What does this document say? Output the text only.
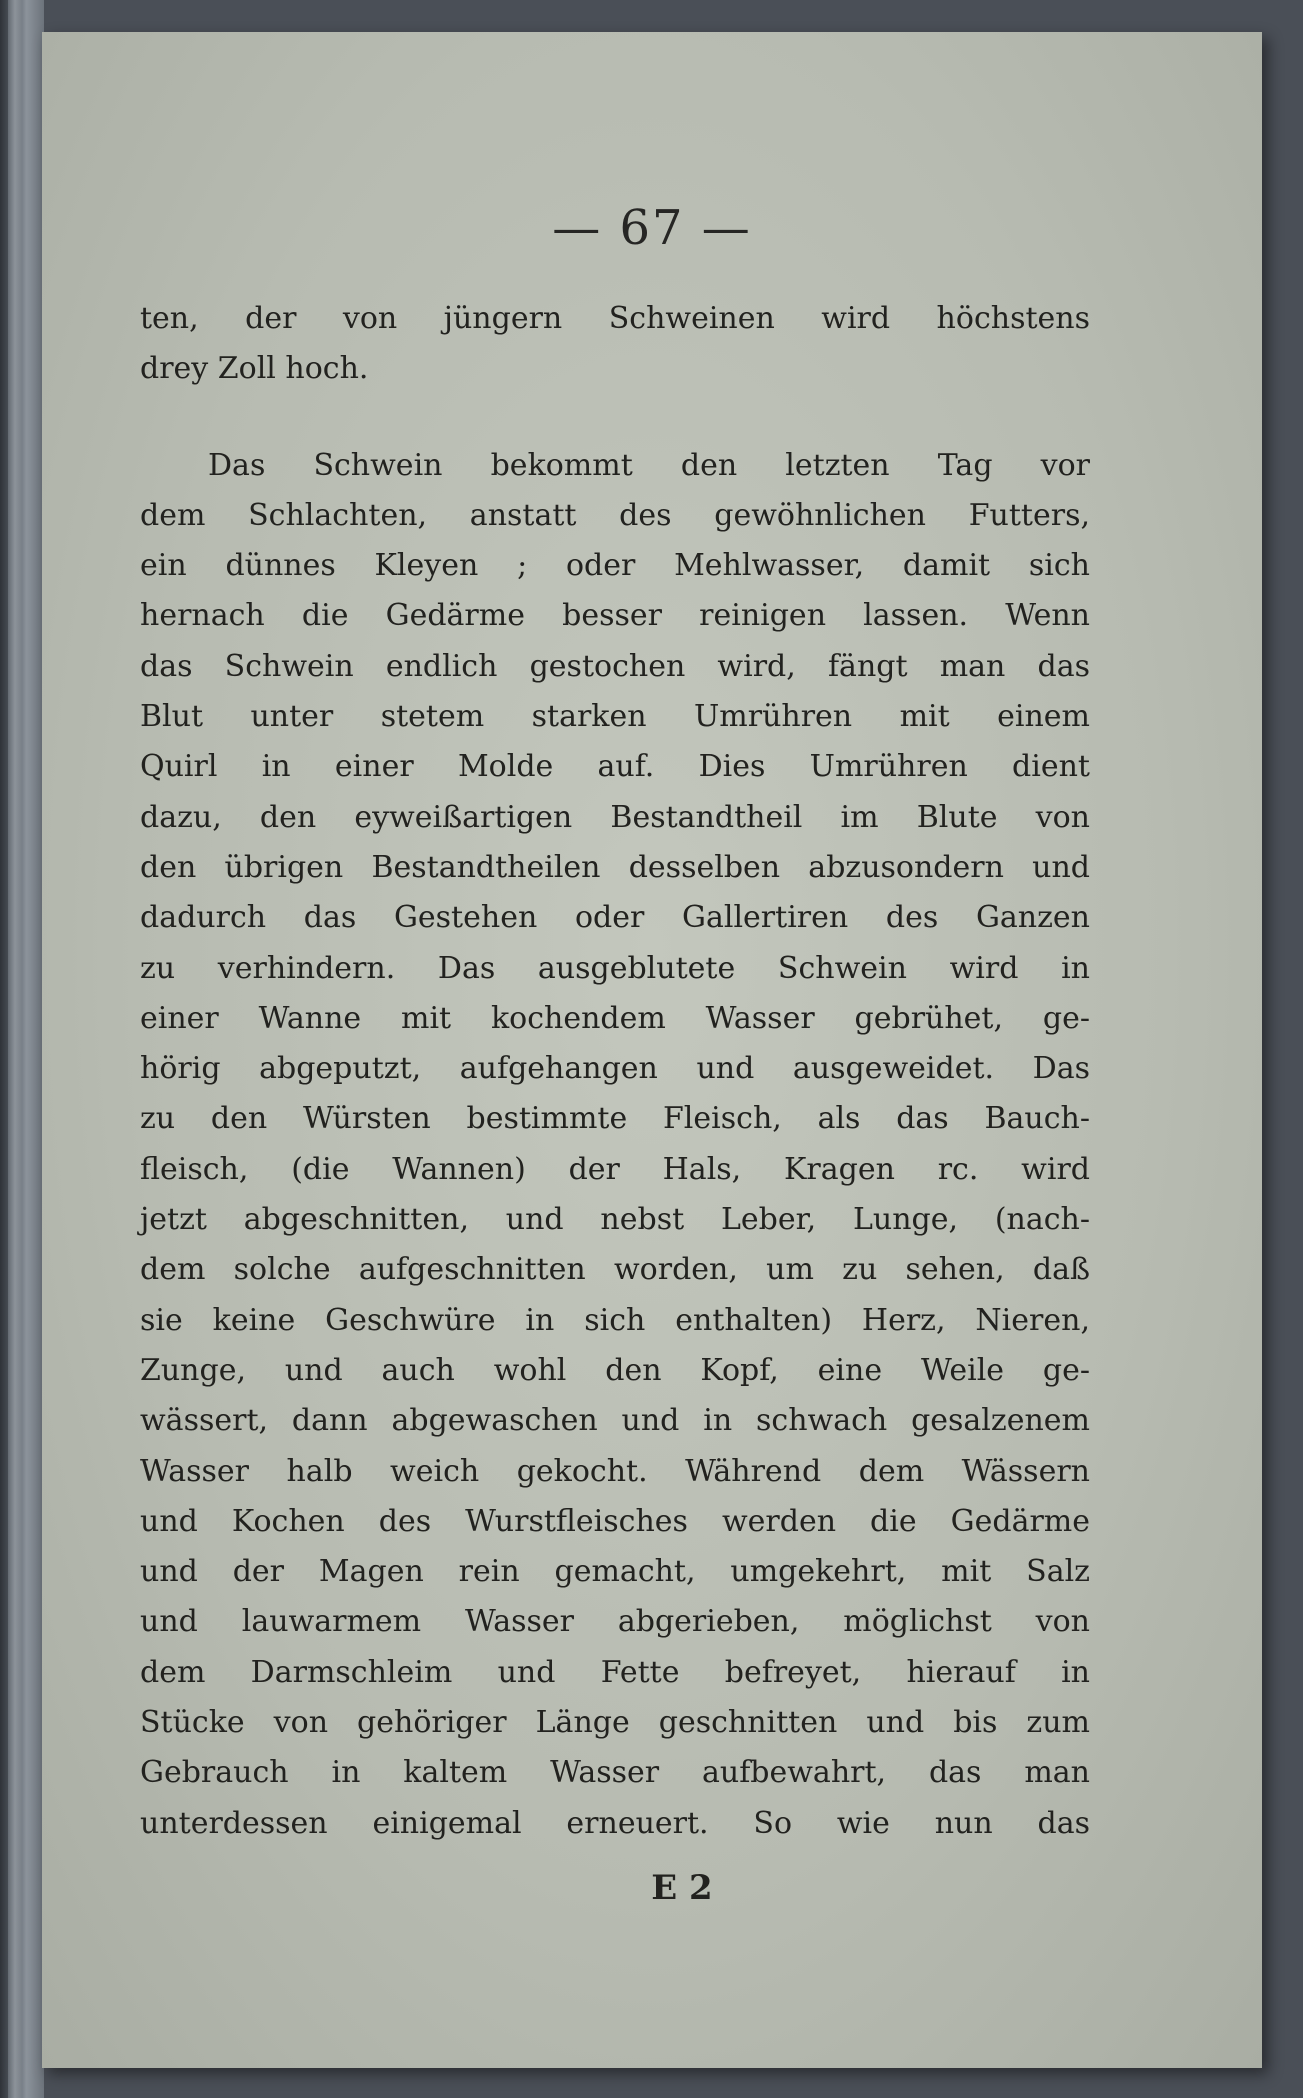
— 67 —
ten, der von jüngern Schweinen wird höchstens
drey Zoll hoch.
Das Schwein bekommt den letzten Tag vor
dem Schlachten, anstatt des gewöhnlichen Futters,
ein dünnes Kleyen ; oder Mehlwasser, damit sich
hernach die Gedärme besser reinigen lassen. Wenn
das Schwein endlich gestochen wird, fängt man das
Blut unter stetem starken Umrühren mit einem
Quirl in einer Molde auf. Dies Umrühren dient
dazu, den eyweißartigen Bestandtheil im Blute von
den übrigen Bestandtheilen desselben abzusondern und
dadurch das Gestehen oder Gallertiren des Ganzen
zu verhindern. Das ausgeblutete Schwein wird in
einer Wanne mit kochendem Wasser gebrühet, ge-
hörig abgeputzt, aufgehangen und ausgeweidet. Das
zu den Würsten bestimmte Fleisch, als das Bauch-
fleisch, (die Wannen) der Hals, Kragen rc. wird
jetzt abgeschnitten, und nebst Leber, Lunge, (nach-
dem solche aufgeschnitten worden, um zu sehen, daß
sie keine Geschwüre in sich enthalten) Herz, Nieren,
Zunge, und auch wohl den Kopf, eine Weile ge-
wässert, dann abgewaschen und in schwach gesalzenem
Wasser halb weich gekocht. Während dem Wässern
und Kochen des Wurstfleisches werden die Gedärme
und der Magen rein gemacht, umgekehrt, mit Salz
und lauwarmem Wasser abgerieben, möglichst von
dem Darmschleim und Fette befreyet, hierauf in
Stücke von gehöriger Länge geschnitten und bis zum
Gebrauch in kaltem Wasser aufbewahrt, das man
unterdessen einigemal erneuert. So wie nun das
E 2
